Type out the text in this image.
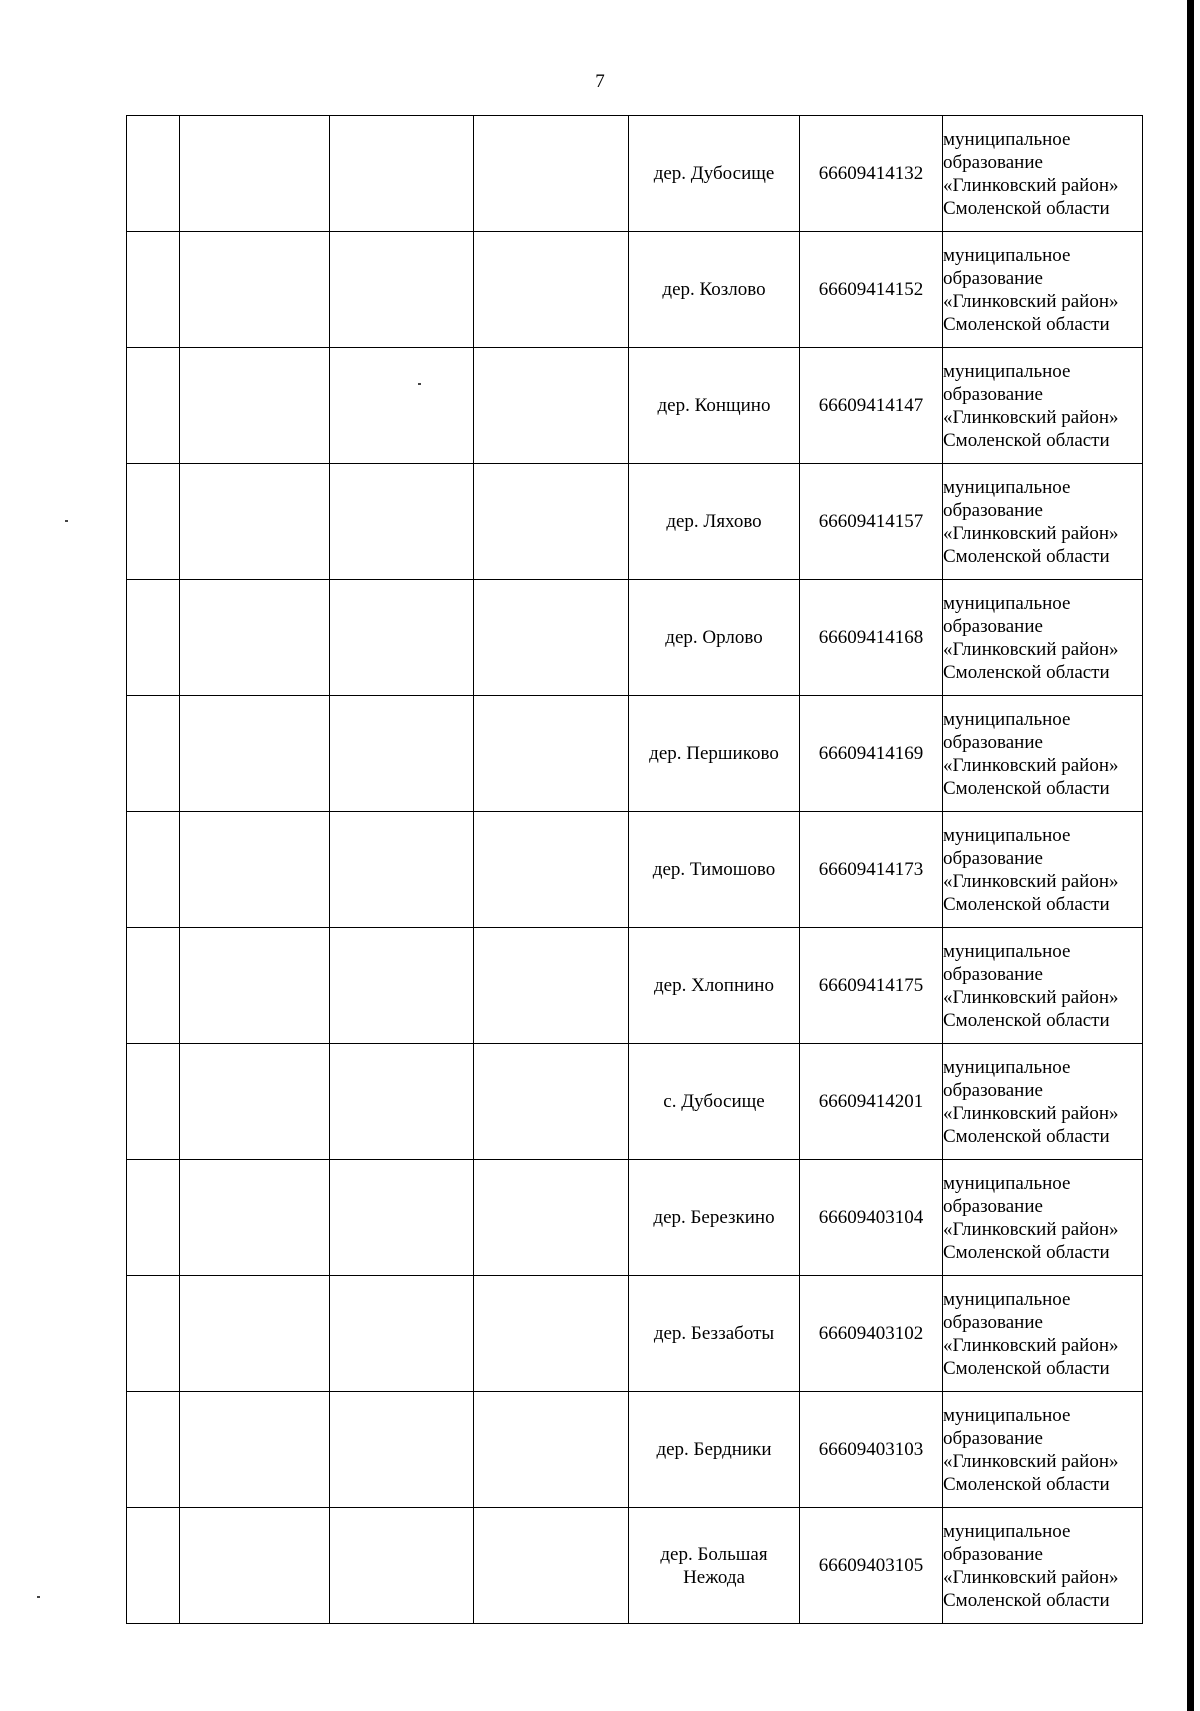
7
				дер. Дубосище	66609414132	муниципальное образование «Глинковский район» Смоленской области
				дер. Козлово	66609414152	муниципальное образование «Глинковский район» Смоленской области
				дер. Конщино	66609414147	муниципальное образование «Глинковский район» Смоленской области
				дер. Ляхово	66609414157	муниципальное образование «Глинковский район» Смоленской области
				дер. Орлово	66609414168	муниципальное образование «Глинковский район» Смоленской области
				дер. Першиково	66609414169	муниципальное образование «Глинковский район» Смоленской области
				дер. Тимошово	66609414173	муниципальное образование «Глинковский район» Смоленской области
				дер. Хлопнино	66609414175	муниципальное образование «Глинковский район» Смоленской области
				с. Дубосище	66609414201	муниципальное образование «Глинковский район» Смоленской области
				дер. Березкино	66609403104	муниципальное образование «Глинковский район» Смоленской области
				дер. Беззаботы	66609403102	муниципальное образование «Глинковский район» Смоленской области
				дер. Бердники	66609403103	муниципальное образование «Глинковский район» Смоленской области
				дер. Большая Нежода	66609403105	муниципальное образование «Глинковский район» Смоленской области
